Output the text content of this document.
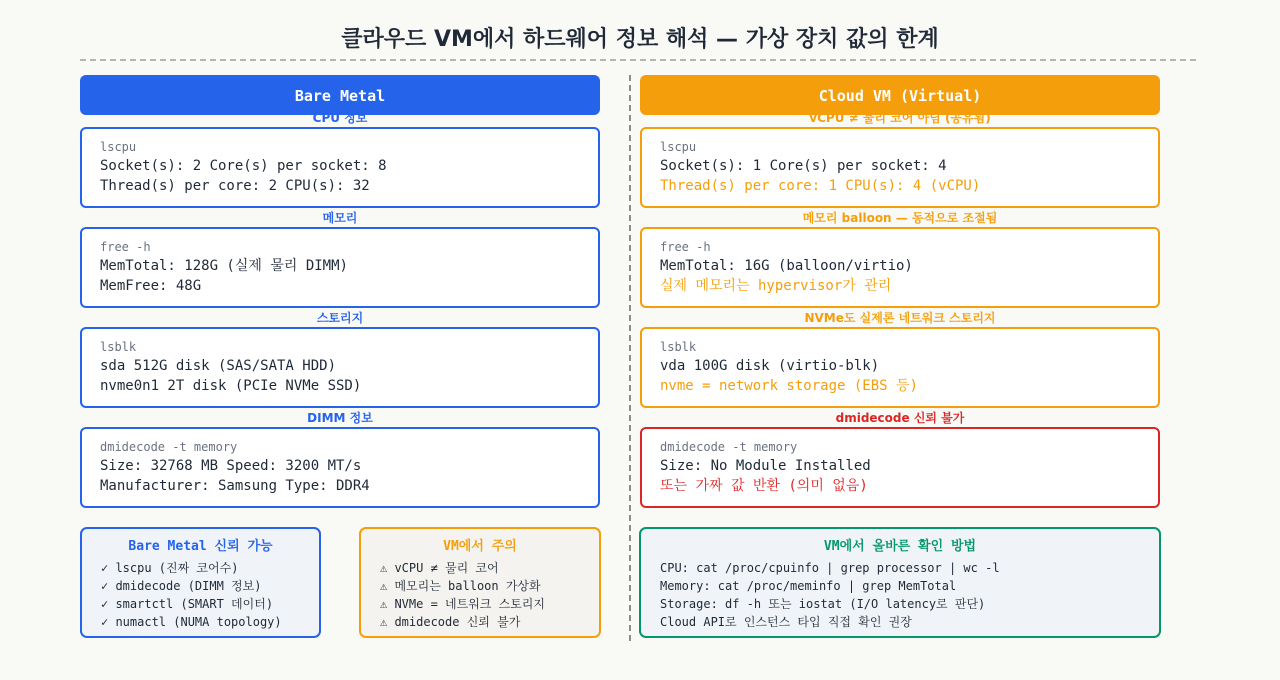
클라우드 VM에서 하드웨어 정보 해석 — 가상 장치 값의 한계
Bare Metal
CPU 정보
lscpu
Socket(s): 2 Core(s) per socket: 8
Thread(s) per core: 2 CPU(s): 32
메모리
free -h
MemTotal: 128G (실제 물리 DIMM)
MemFree: 48G
스토리지
lsblk
sda 512G disk (SAS/SATA HDD)
nvme0n1 2T disk (PCIe NVMe SSD)
DIMM 정보
dmidecode -t memory
Size: 32768 MB Speed: 3200 MT/s
Manufacturer: Samsung Type: DDR4
Cloud VM (Virtual)
vCPU ≠ 물리 코어 아님 (공유됨)
lscpu
Socket(s): 1 Core(s) per socket: 4
Thread(s) per core: 1 CPU(s): 4 (vCPU)
메모리 balloon — 동적으로 조절됨
free -h
MemTotal: 16G (balloon/virtio)
실제 메모리는 hypervisor가 관리
NVMe도 실제론 네트워크 스토리지
lsblk
vda 100G disk (virtio-blk)
nvme = network storage (EBS 등)
dmidecode 신뢰 불가
dmidecode -t memory
Size: No Module Installed
또는 가짜 값 반환 (의미 없음)
Bare Metal 신뢰 가능
✓ lscpu (진짜 코어수)
✓ dmidecode (DIMM 정보)
✓ smartctl (SMART 데이터)
✓ numactl (NUMA topology)
VM에서 주의
⚠ vCPU ≠ 물리 코어
⚠ 메모리는 balloon 가상화
⚠ NVMe = 네트워크 스토리지
⚠ dmidecode 신뢰 불가
VM에서 올바른 확인 방법
CPU: cat /proc/cpuinfo | grep processor | wc -l
Memory: cat /proc/meminfo | grep MemTotal
Storage: df -h 또는 iostat (I/O latency로 판단)
Cloud API로 인스턴스 타입 직접 확인 권장
